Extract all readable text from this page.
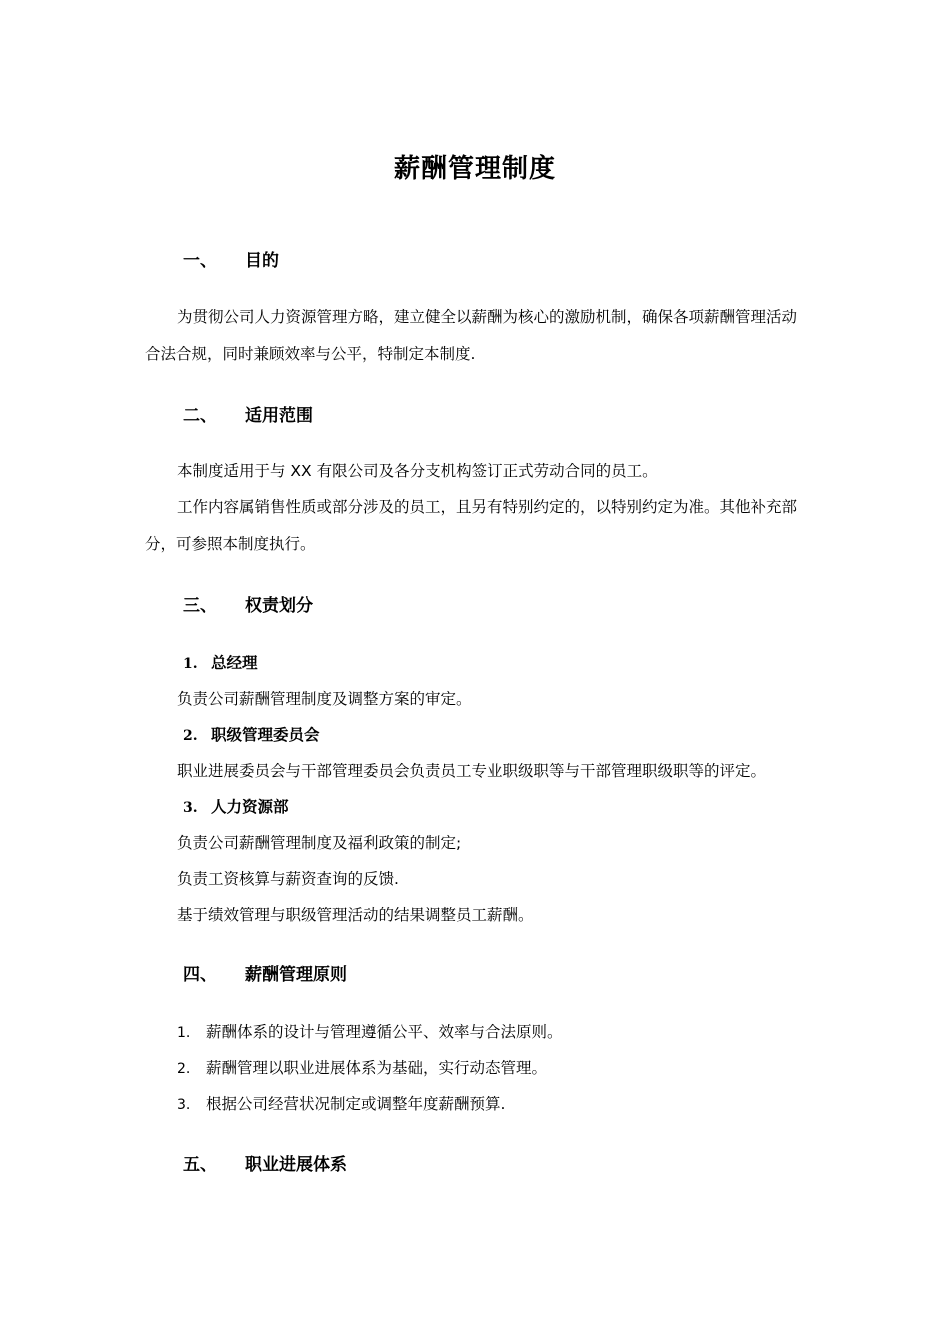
薪酬管理制度
一、 目的

为贯彻公司人力资源管理方略，建立健全以薪酬为核心的激励机制，确保各项薪酬管理活动合法合规，同时兼顾效率与公平，特制定本制度.

二、 适用范围

本制度适用于与 XX 有限公司及各分支机构签订正式劳动合同的员工。

工作内容属销售性质或部分涉及的员工，且另有特别约定的，以特别约定为准。其他补充部分，可参照本制度执行。

三、 权责划分
1. 总经理
负责公司薪酬管理制度及调整方案的审定。
2. 职级管理委员会
职业进展委员会与干部管理委员会负责员工专业职级职等与干部管理职级职等的评定。
3. 人力资源部
负责公司薪酬管理制度及福利政策的制定;
负责工资核算与薪资查询的反馈.
基于绩效管理与职级管理活动的结果调整员工薪酬。
四、 薪酬管理原则
1. 薪酬体系的设计与管理遵循公平、效率与合法原则。
2. 薪酬管理以职业进展体系为基础，实行动态管理。
3. 根据公司经营状况制定或调整年度薪酬预算.
五、 职业进展体系
